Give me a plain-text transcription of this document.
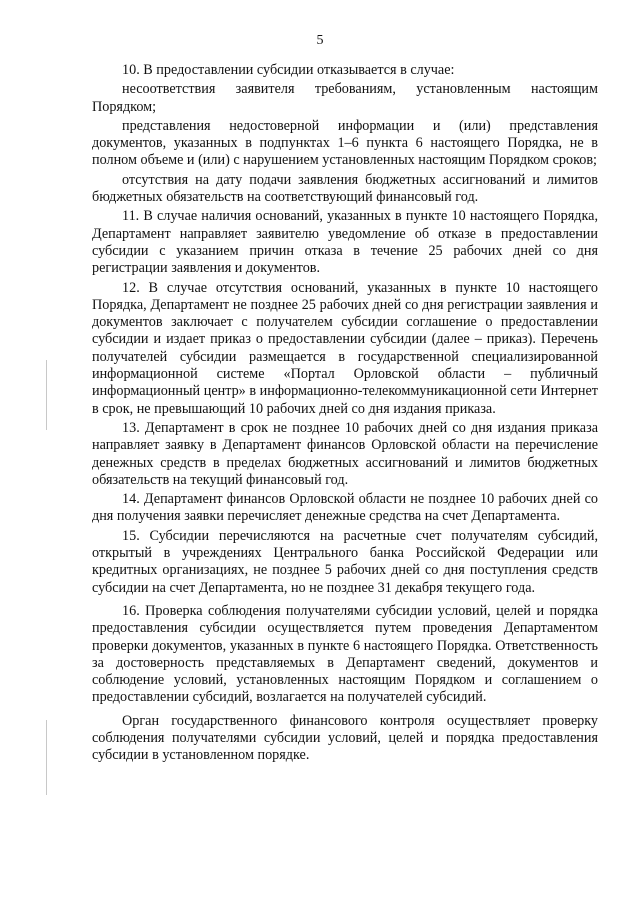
5

10. В предоставлении субсидии отказывается в случае:

несоответствия заявителя требованиям, установленным настоящим Порядком;

представления недостоверной информации и (или) представления документов, указанных в подпунктах 1–6 пункта 6 настоящего Порядка, не в полном объеме и (или) с нарушением установленных настоящим Порядком сроков;

отсутствия на дату подачи заявления бюджетных ассигнований и лимитов бюджетных обязательств на соответствующий финансовый год.

11. В случае наличия оснований, указанных в пункте 10 настоящего Порядка, Департамент направляет заявителю уведомление об отказе в предоставлении субсидии с указанием причин отказа в течение 25 рабочих дней со дня регистрации заявления и документов.

12. В случае отсутствия оснований, указанных в пункте 10 настоящего Порядка, Департамент не позднее 25 рабочих дней со дня регистрации заявления и документов заключает с получателем субсидии соглашение о предоставлении субсидии и издает приказ о предоставлении субсидии (далее – приказ). Перечень получателей субсидии размещается в государственной специализированной информационной системе «Портал Орловской области – публичный информационный центр» в информационно-телекоммуникационной сети Интернет в срок, не превышающий 10 рабочих дней со дня издания приказа.

13. Департамент в срок не позднее 10 рабочих дней со дня издания приказа направляет заявку в Департамент финансов Орловской области на перечисление денежных средств в пределах бюджетных ассигнований и лимитов бюджетных обязательств на текущий финансовый год.

14. Департамент финансов Орловской области не позднее 10 рабочих дней со дня получения заявки перечисляет денежные средства на счет Департамента.

15. Субсидии перечисляются на расчетные счет получателям субсидий, открытый в учреждениях Центрального банка Российской Федерации или кредитных организациях, не позднее 5 рабочих дней со дня поступления средств субсидии на счет Департамента, но не позднее 31 декабря текущего года.

16. Проверка соблюдения получателями субсидии условий, целей и порядка предоставления субсидии осуществляется путем проведения Департаментом проверки документов, указанных в пункте 6 настоящего Порядка. Ответственность за достоверность представляемых в Департамент сведений, документов и соблюдение условий, установленных настоящим Порядком и соглашением о предоставлении субсидий, возлагается на получателей субсидий.

Орган государственного финансового контроля осуществляет проверку соблюдения получателями субсидии условий, целей и порядка предоставления субсидии в установленном порядке.
